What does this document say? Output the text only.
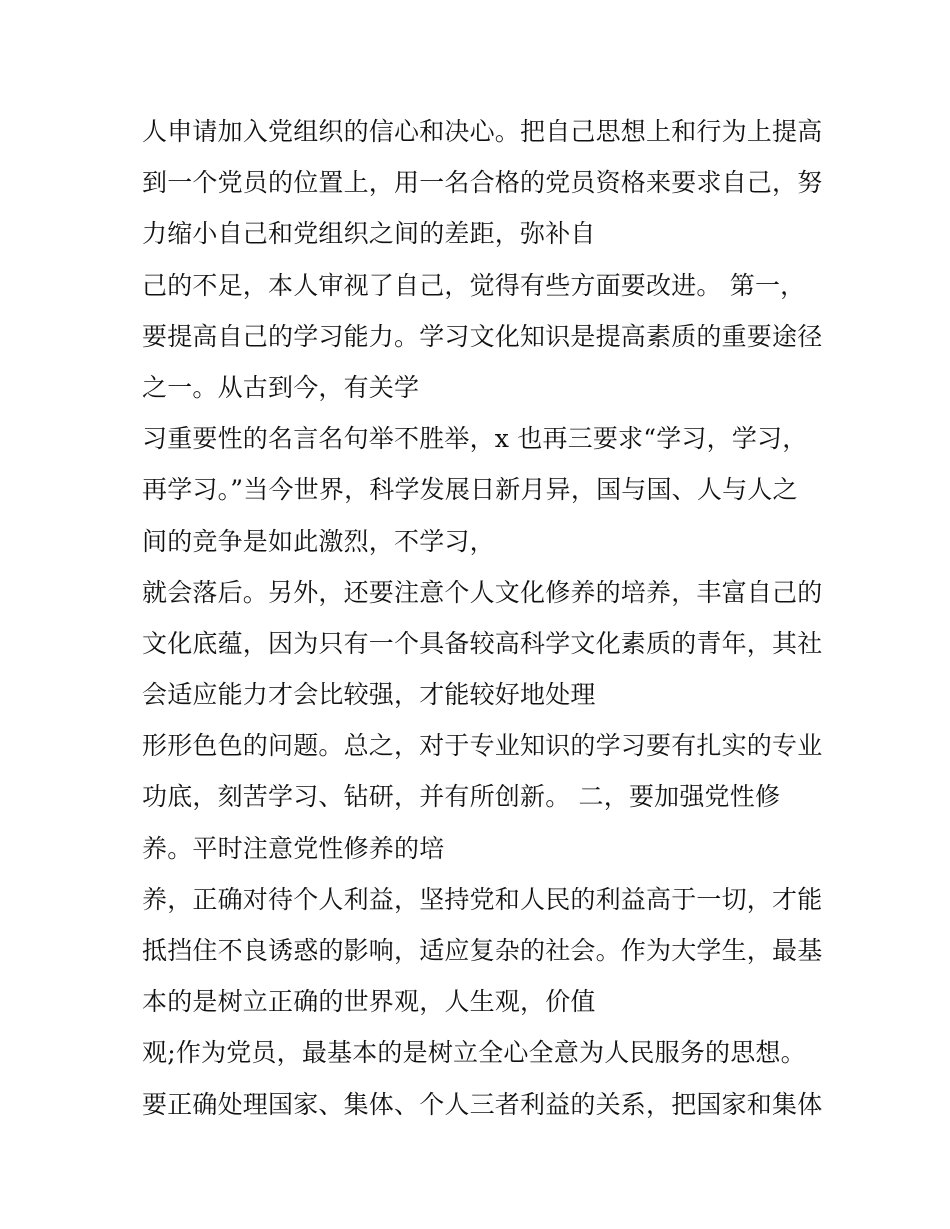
人申请加入党组织的信心和决心。把自己思想上和行为上提高
到一个党员的位置上，用一名合格的党员资格来要求自己，努
力缩小自己和党组织之间的差距，弥补自
己的不足，本人审视了自己，觉得有些方面要改进。 第一，
要提高自己的学习能力。学习文化知识是提高素质的重要途径
之一。从古到今，有关学
习重要性的名言名句举不胜举，x 也再三要求“学习，学习，
再学习。”当今世界，科学发展日新月异，国与国、人与人之
间的竞争是如此激烈，不学习，
就会落后。另外，还要注意个人文化修养的培养，丰富自己的
文化底蕴，因为只有一个具备较高科学文化素质的青年，其社
会适应能力才会比较强，才能较好地处理
形形色色的问题。总之，对于专业知识的学习要有扎实的专业
功底，刻苦学习、钻研，并有所创新。 二，要加强党性修
养。平时注意党性修养的培
养，正确对待个人利益，坚持党和人民的利益高于一切，才能
抵挡住不良诱惑的影响，适应复杂的社会。作为大学生，最基
本的是树立正确的世界观，人生观，价值
观;作为党员，最基本的是树立全心全意为人民服务的思想。
要正确处理国家、集体、个人三者利益的关系，把国家和集体
